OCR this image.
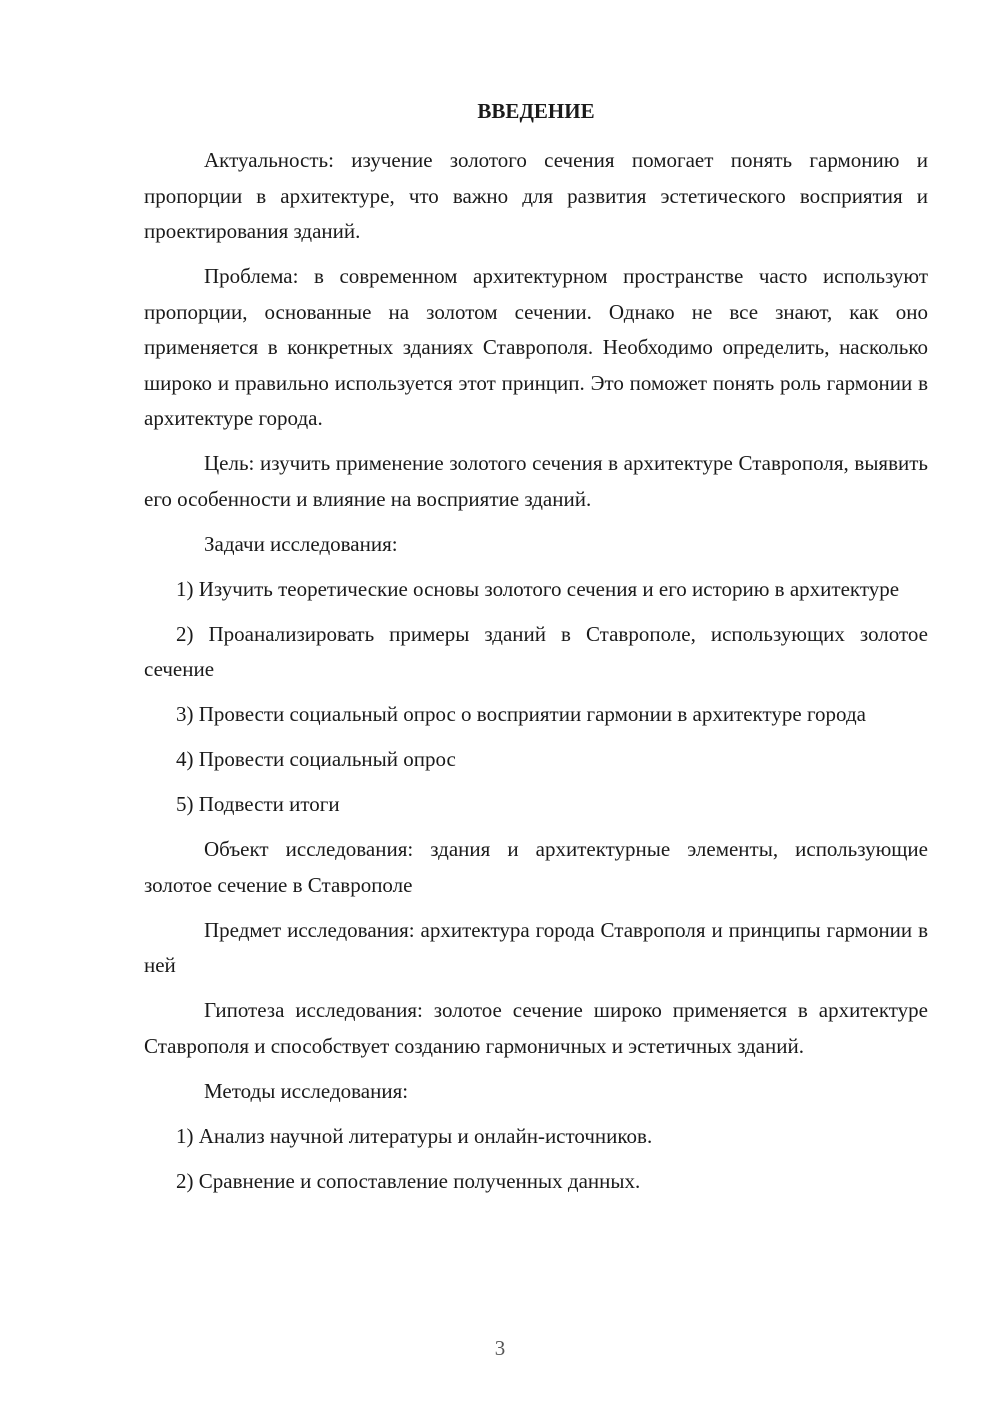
ВВЕДЕНИЕ

Актуальность: изучение золотого сечения помогает понять гармонию и пропорции в архитектуре, что важно для развития эстетического восприятия и проектирования зданий.

Проблема: в современном архитектурном пространстве часто используют пропорции, основанные на золотом сечении. Однако не все знают, как оно применяется в конкретных зданиях Ставрополя. Необходимо определить, насколько широко и правильно используется этот принцип. Это поможет понять роль гармонии в архитектуре города.

Цель: изучить применение золотого сечения в архитектуре Ставрополя, выявить его особенности и влияние на восприятие зданий.

Задачи исследования:

1) Изучить теоретические основы золотого сечения и его историю в архитектуре

2) Проанализировать примеры зданий в Ставрополе, использующих золотое сечение

3) Провести социальный опрос о восприятии гармонии в архитектуре города

4) Провести социальный опрос

5) Подвести итоги

Объект исследования: здания и архитектурные элементы, использующие золотое сечение в Ставрополе

Предмет исследования: архитектура города Ставрополя и принципы гармонии в ней

Гипотеза исследования: золотое сечение широко применяется в архитектуре Ставрополя и способствует созданию гармоничных и эстетичных зданий.

Методы исследования:

1) Анализ научной литературы и онлайн-источников.

2) Сравнение и сопоставление полученных данных.

3
